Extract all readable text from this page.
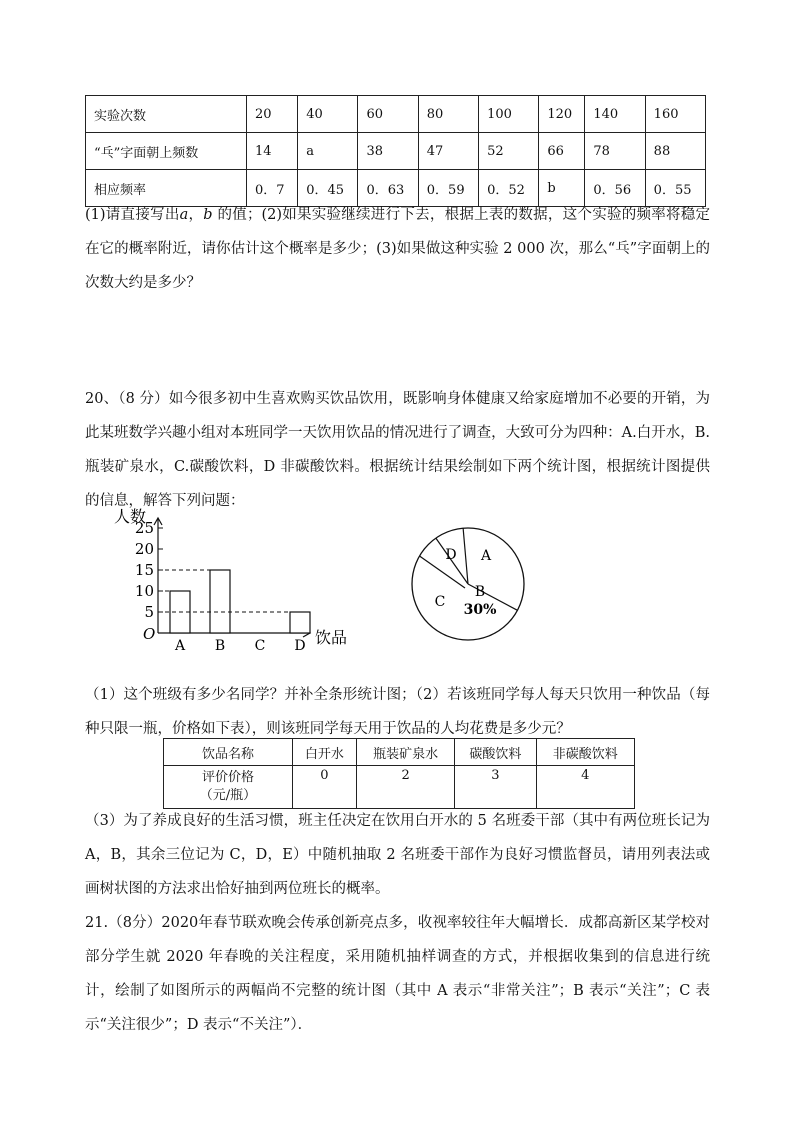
实验次数	20	40	60	80	100	120	140	160
“乓”字面朝上频数	14	a	38	47	52	66	78	88
相应频率	0．7	0．45	0．63	0．59	0．52	b	0．56	0．55
(1)请直接写出a，b 的值；(2)如果实验继续进行下去，根据上表的数据，这个实验的频率将稳定在它的概率附近，请你估计这个概率是多少；(3)如果做这种实验 2 000 次，那么“乓”字面朝上的次数大约是多少？
20、（8 分）如今很多初中生喜欢购买饮品饮用，既影响身体健康又给家庭增加不必要的开销，为此某班数学兴趣小组对本班同学一天饮用饮品的情况进行了调查，大致可分为四种：A.白开水，B.瓶装矿泉水，C.碳酸饮料，D 非碳酸饮料。根据统计结果绘制如下两个统计图，根据统计图提供的信息，解答下列问题：
人数
饮品
O
5
10
15
20
25
A B C D
A
B
C
D
30%
（1）这个班级有多少名同学？并补全条形统计图；（2）若该班同学每人每天只饮用一种饮品（每种只限一瓶，价格如下表），则该班同学每天用于饮品的人均花费是多少元？
饮品名称	白开水	瓶装矿泉水	碳酸饮料	非碳酸饮料

评价价格
（元/瓶）	0	2	3	4
（3）为了养成良好的生活习惯，班主任决定在饮用白开水的 5 名班委干部（其中有两位班长记为 A，B，其余三位记为 C，D，E）中随机抽取 2 名班委干部作为良好习惯监督员，请用列表法或画树状图的方法求出恰好抽到两位班长的概率。
21.（8分）2020年春节联欢晚会传承创新亮点多，收视率较往年大幅增长．成都高新区某学校对部分学生就 2020 年春晚的关注程度，采用随机抽样调查的方式，并根据收集到的信息进行统计，绘制了如图所示的两幅尚不完整的统计图（其中 A 表示“非常关注”；B 表示“关注”；C 表示“关注很少”；D 表示“不关注”）．
